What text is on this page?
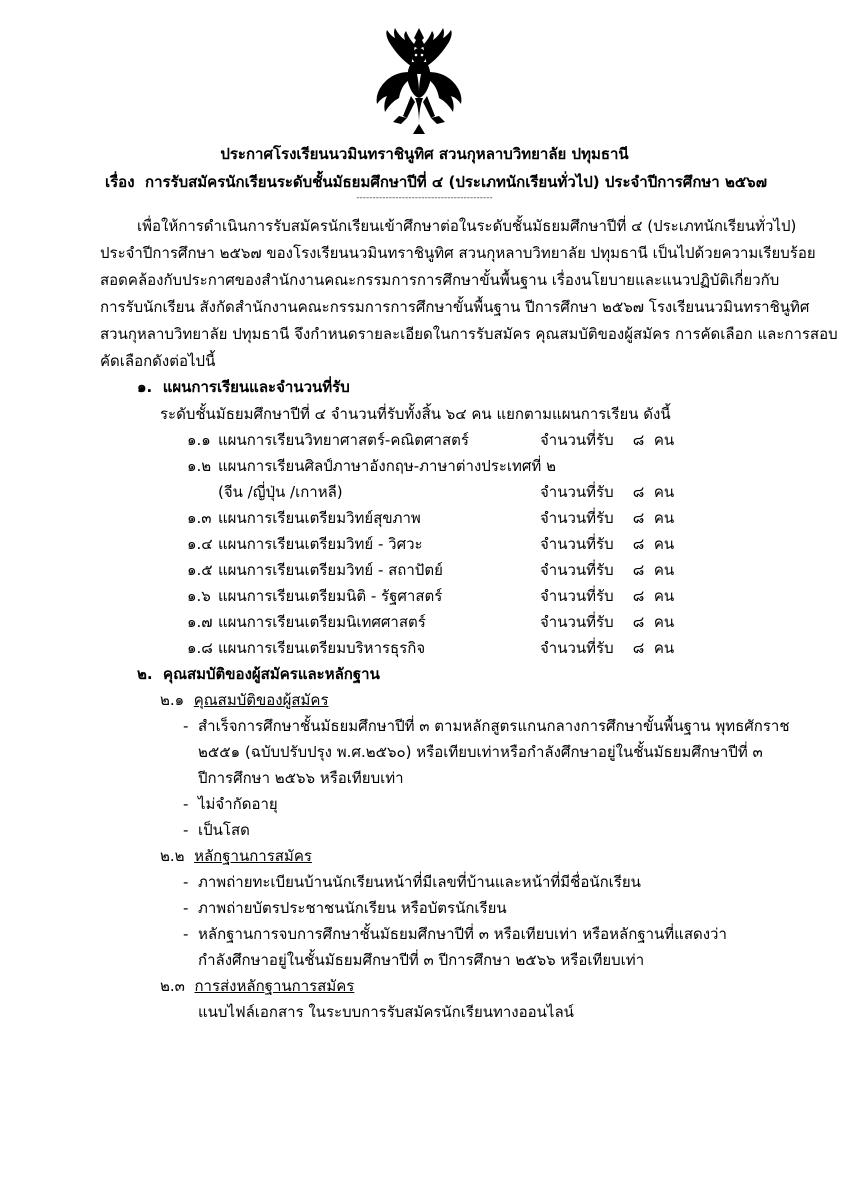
ประกาศโรงเรียนนวมินทราชินูทิศ สวนกุหลาบวิทยาลัย ปทุมธานี
เรื่อง การรับสมัครนักเรียนระดับชั้นมัธยมศึกษาปีที่ ๔ (ประเภทนักเรียนทั่วไป) ประจำปีการศึกษา ๒๕๖๗
------------------------------------------
เพื่อให้การดำเนินการรับสมัครนักเรียนเข้าศึกษาต่อในระดับชั้นมัธยมศึกษาปีที่ ๔ (ประเภทนักเรียนทั่วไป)
ประจำปีการศึกษา ๒๕๖๗ ของโรงเรียนนวมินทราชินูทิศ สวนกุหลาบวิทยาลัย ปทุมธานี เป็นไปด้วยความเรียบร้อย
สอดคล้องกับประกาศของสำนักงานคณะกรรมการการศึกษาขั้นพื้นฐาน เรื่องนโยบายและแนวปฏิบัติเกี่ยวกับ
การรับนักเรียน สังกัดสำนักงานคณะกรรมการการศึกษาขั้นพื้นฐาน ปีการศึกษา ๒๕๖๗ โรงเรียนนวมินทราชินูทิศ
สวนกุหลาบวิทยาลัย ปทุมธานี จึงกำหนดรายละเอียดในการรับสมัคร คุณสมบัติของผู้สมัคร การคัดเลือก และการสอบ
คัดเลือกดังต่อไปนี้
๑. แผนการเรียนและจำนวนที่รับ
ระดับชั้นมัธยมศึกษาปีที่ ๔ จำนวนที่รับทั้งสิ้น ๖๔ คน แยกตามแผนการเรียน ดังนี้
๑.๑ แผนการเรียนวิทยาศาสตร์-คณิตศาสตร์	จำนวนที่รับ ๘ คน
๑.๒ แผนการเรียนศิลป์ภาษาอังกฤษ-ภาษาต่างประเทศที่ ๒
(จีน /ญี่ปุ่น /เกาหลี)	จำนวนที่รับ ๘ คน
๑.๓ แผนการเรียนเตรียมวิทย์สุขภาพ	จำนวนที่รับ ๘ คน
๑.๔ แผนการเรียนเตรียมวิทย์ - วิศวะ	จำนวนที่รับ ๘ คน
๑.๕ แผนการเรียนเตรียมวิทย์ - สถาปัตย์	จำนวนที่รับ ๘ คน
๑.๖ แผนการเรียนเตรียมนิติ - รัฐศาสตร์	จำนวนที่รับ ๘ คน
๑.๗ แผนการเรียนเตรียมนิเทศศาสตร์	จำนวนที่รับ ๘ คน
๑.๘ แผนการเรียนเตรียมบริหารธุรกิจ	จำนวนที่รับ ๘ คน
๒. คุณสมบัติของผู้สมัครและหลักฐาน
๒.๑ คุณสมบัติของผู้สมัคร
- สำเร็จการศึกษาชั้นมัธยมศึกษาปีที่ ๓ ตามหลักสูตรแกนกลางการศึกษาขั้นพื้นฐาน พุทธศักราช
๒๕๕๑ (ฉบับปรับปรุง พ.ศ.๒๕๖๐) หรือเทียบเท่าหรือกำลังศึกษาอยู่ในชั้นมัธยมศึกษาปีที่ ๓
ปีการศึกษา ๒๕๖๖ หรือเทียบเท่า
- ไม่จำกัดอายุ
- เป็นโสด
๒.๒ หลักฐานการสมัคร
- ภาพถ่ายทะเบียนบ้านนักเรียนหน้าที่มีเลขที่บ้านและหน้าที่มีชื่อนักเรียน
- ภาพถ่ายบัตรประชาชนนักเรียน หรือบัตรนักเรียน
- หลักฐานการจบการศึกษาชั้นมัธยมศึกษาปีที่ ๓ หรือเทียบเท่า หรือหลักฐานที่แสดงว่า
กำลังศึกษาอยู่ในชั้นมัธยมศึกษาปีที่ ๓ ปีการศึกษา ๒๕๖๖ หรือเทียบเท่า
๒.๓ การส่งหลักฐานการสมัคร
แนบไฟล์เอกสาร ในระบบการรับสมัครนักเรียนทางออนไลน์
